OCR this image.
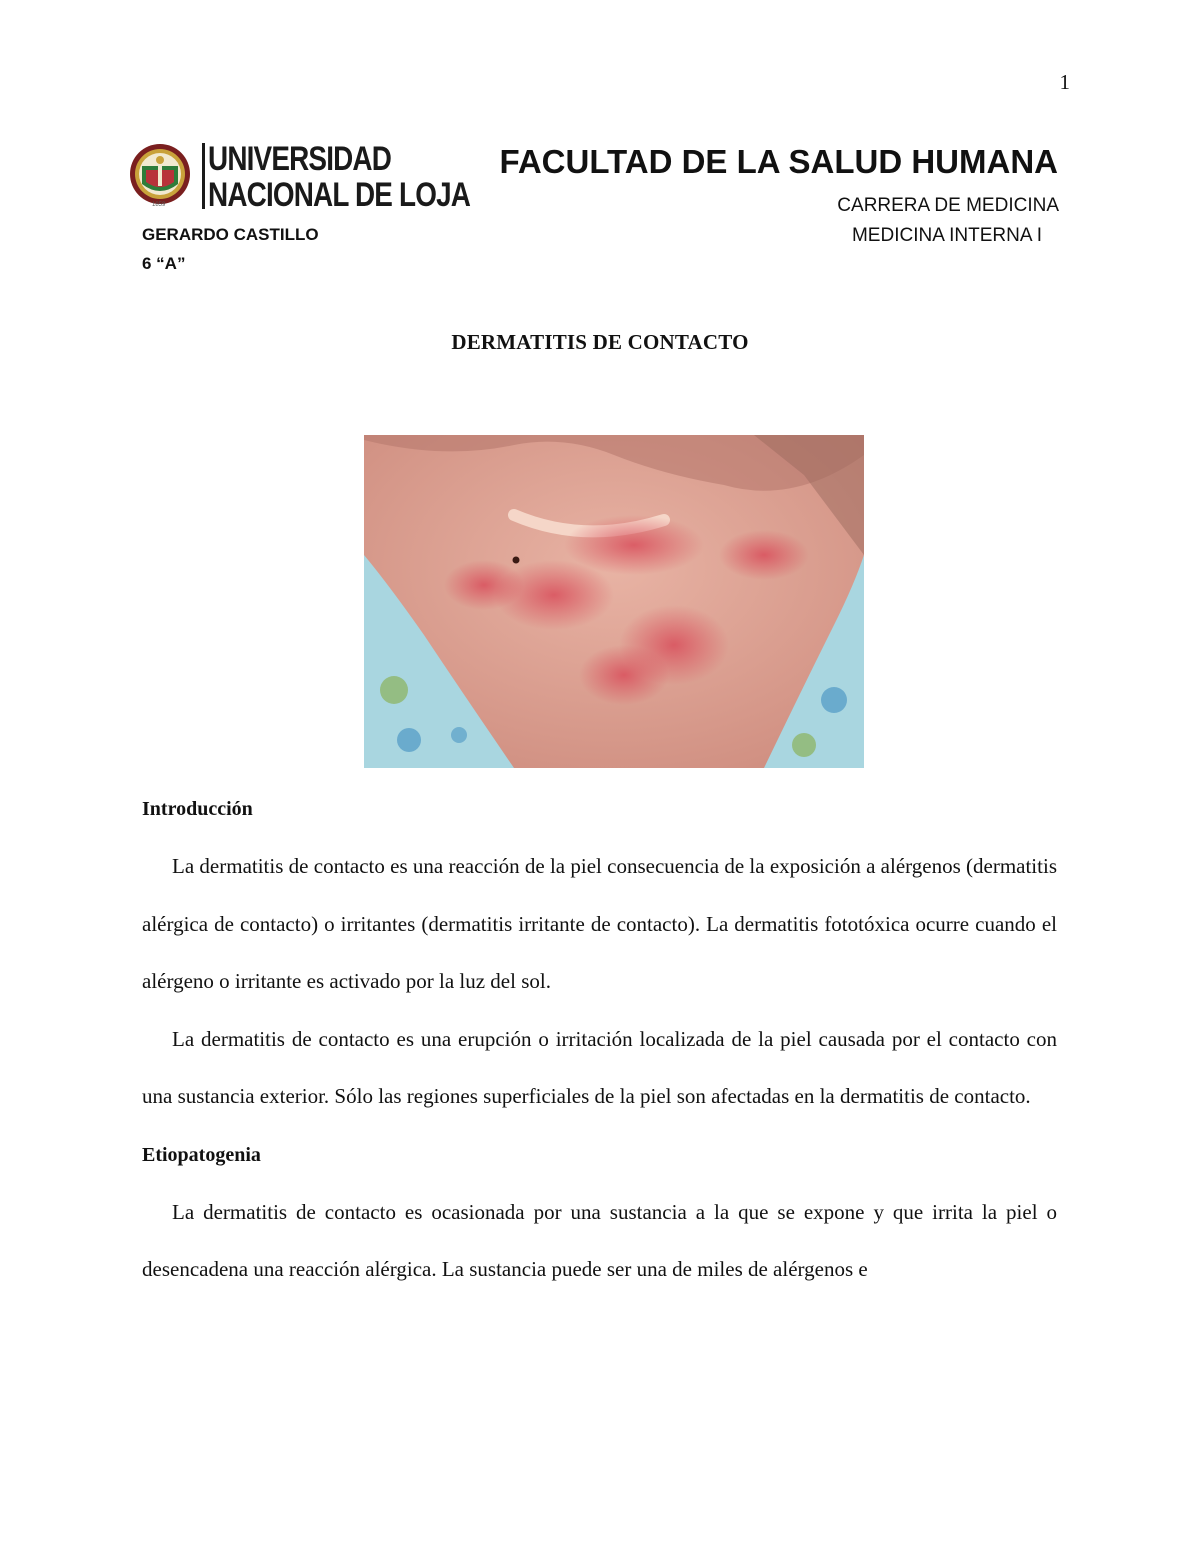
1
1859
UNIVERSIDAD
NACIONAL DE LOJA
FACULTAD DE LA SALUD HUMANA
CARRERA DE MEDICINA
MEDICINA INTERNA I
GERARDO CASTILLO
6 “A”
DERMATITIS DE CONTACTO
Introducción

La dermatitis de contacto es una reacción de la piel consecuencia de la exposición a alérgenos (dermatitis alérgica de contacto) o irritantes (dermatitis irritante de contacto). La dermatitis fototóxica ocurre cuando el alérgeno o irritante es activado por la luz del sol.

La dermatitis de contacto es una erupción o irritación localizada de la piel causada por el contacto con una sustancia exterior. Sólo las regiones superficiales de la piel son afectadas en la dermatitis de contacto.

Etiopatogenia

La dermatitis de contacto es ocasionada por una sustancia a la que se expone y que irrita la piel o desencadena una reacción alérgica. La sustancia puede ser una de miles de alérgenos e
